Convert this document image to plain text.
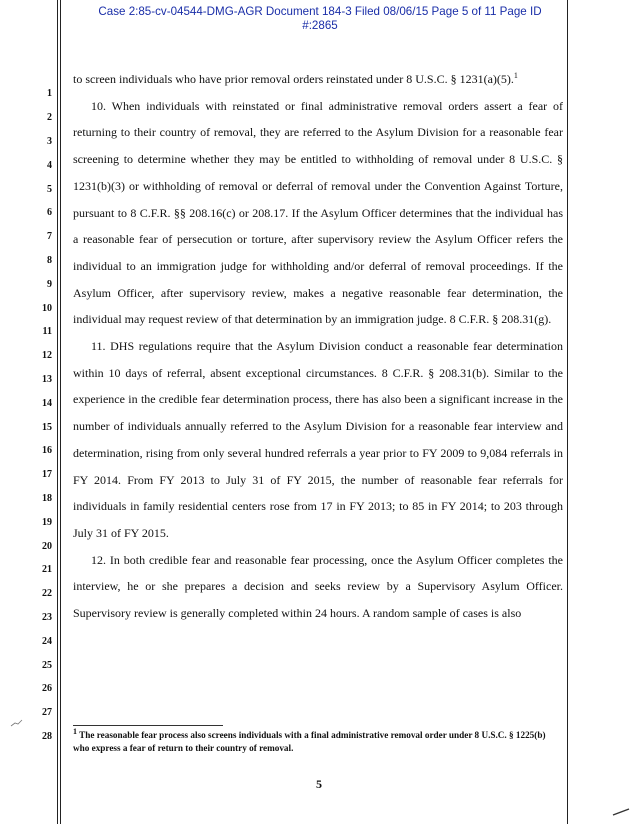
Case 2:85-cv-04544-DMG-AGR Document 184-3 Filed 08/06/15 Page 5 of 11 Page ID
#:2865
1
2
3
4
5
6
7
8
9
10
11
12
13
14
15
16
17
18
19
20
21
22
23
24
25
26
27
28

to screen individuals who have prior removal orders reinstated under 8 U.S.C. § 1231(a)(5).$^1$

10. When individuals with reinstated or final administrative removal orders assert a fear of returning to their country of removal, they are referred to the Asylum Division for a reasonable fear screening to determine whether they may be entitled to withholding of removal under 8 U.S.C. § 1231(b)(3) or withholding of removal or deferral of removal under the Convention Against Torture, pursuant to 8 C.F.R. §§ 208.16(c) or 208.17. If the Asylum Officer determines that the individual has a reasonable fear of persecution or torture, after supervisory review the Asylum Officer refers the individual to an immigration judge for withholding and/or deferral of removal proceedings. If the Asylum Officer, after supervisory review, makes a negative reasonable fear determination, the individual may request review of that determination by an immigration judge. 8 C.F.R. § 208.31(g).

11. DHS regulations require that the Asylum Division conduct a reasonable fear determination within 10 days of referral, absent exceptional circumstances. 8 C.F.R. § 208.31(b). Similar to the experience in the credible fear determination process, there has also been a significant increase in the number of individuals annually referred to the Asylum Division for a reasonable fear interview and determination, rising from only several hundred referrals a year prior to FY 2009 to 9,084 referrals in FY 2014. From FY 2013 to July 31 of FY 2015, the number of reasonable fear referrals for individuals in family residential centers rose from 17 in FY 2013; to 85 in FY 2014; to 203 through July 31 of FY 2015.

12. In both credible fear and reasonable fear processing, once the Asylum Officer completes the interview, he or she prepares a decision and seeks review by a Supervisory Asylum Officer. Supervisory review is generally completed within 24 hours. A random sample of cases is also

$^1$ The reasonable fear process also screens individuals with a final administrative removal order under 8 U.S.C. § 1225(b) who express a fear of return to their country of removal.
5
